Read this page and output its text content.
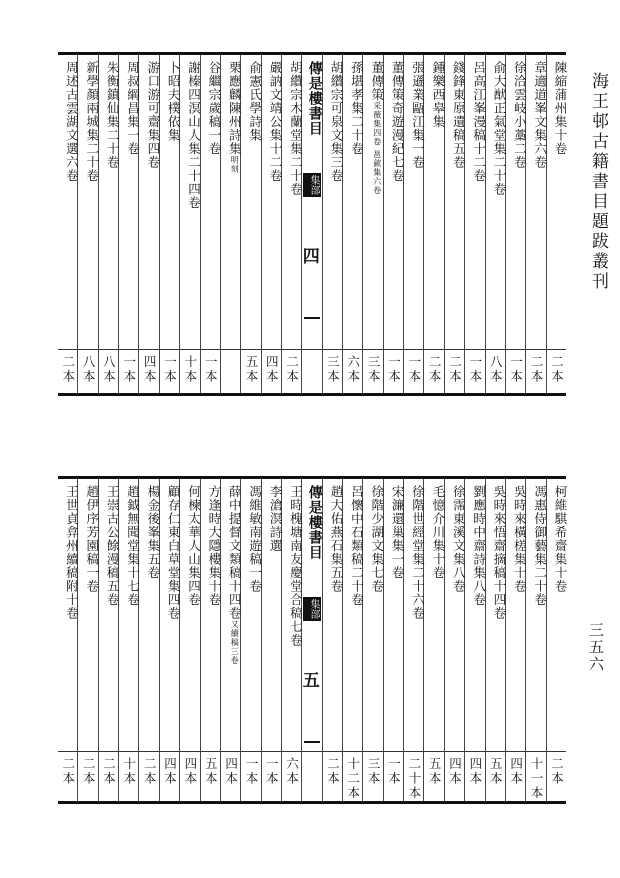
海王邨古籍書目題跋叢刊
三五六
陳縮蒲州集十卷
二本
章適道峯文集六卷
二本
徐洽雲岐小藁二卷
一本
俞大猷正氣堂集二十卷
八本
呂高江峯漫稿十二卷
一本
錢鋒東原遺稿五卷
二本
鍾樂西皋集
二本
張遜業甌江集一卷
一本
董傳策奇遊漫紀七卷
一本
董傳策采薇集四卷 邕歈集六卷
三本
孫堪孝集二十卷
六本
胡纘宗可泉文集三卷
三本
傳是樓書目
集部
四
胡纘宗木蘭堂集二十卷
二本
嚴訥文靖公集十二卷
四本
俞憲氏學詩集
五本
栗應麟陳州詩集明刻
谷繼宗歲稿一卷
一本
謝榛四溟山人集二十四卷
十本
卜昭夫樸依集
一本
游口游可齋集四卷
四本
周叔綱昌集一卷
一本
朱衡鎮仙集二十卷
八本
新學顏兩城集二十卷
八本
周述古雲湖文選六卷
二本
柯維騏希齋集十卷
二本
馮惠侍御藝集二十卷
十一本
吳時來橫槎集十卷
四本
吳時來悟齋摘稿十四卷
五本
劉應時中齋詩集八卷
四本
徐霈東溪文集八卷
四本
毛憶介川集十卷
五本
徐階世經堂集二十六卷
二十本
宋濂還巢集一卷
一本
徐階少湖文集七卷
三本
呂懷中石類稿二十卷
十二本
趙大佑燕石集五卷
二本
傳是樓書目
集部
五
王時槐塘南友慶堂合稿七卷
六本
李滄溟詩選
一本
馮維敏南遊稿一卷
一本
薛中提督文類稿十四卷又續稿三卷
四本
方逢時大隱樓集十卷
五本
何楝太華人山集四卷
四本
顧存仁東白草堂集四卷
四本
楊金後峯集五卷
二本
趙鉞無聞堂集十七卷
十本
王崇古公餘漫稿五卷
二本
趙伊序芳園稿一卷
二本
王世貞弇州續稿附十卷
二本
